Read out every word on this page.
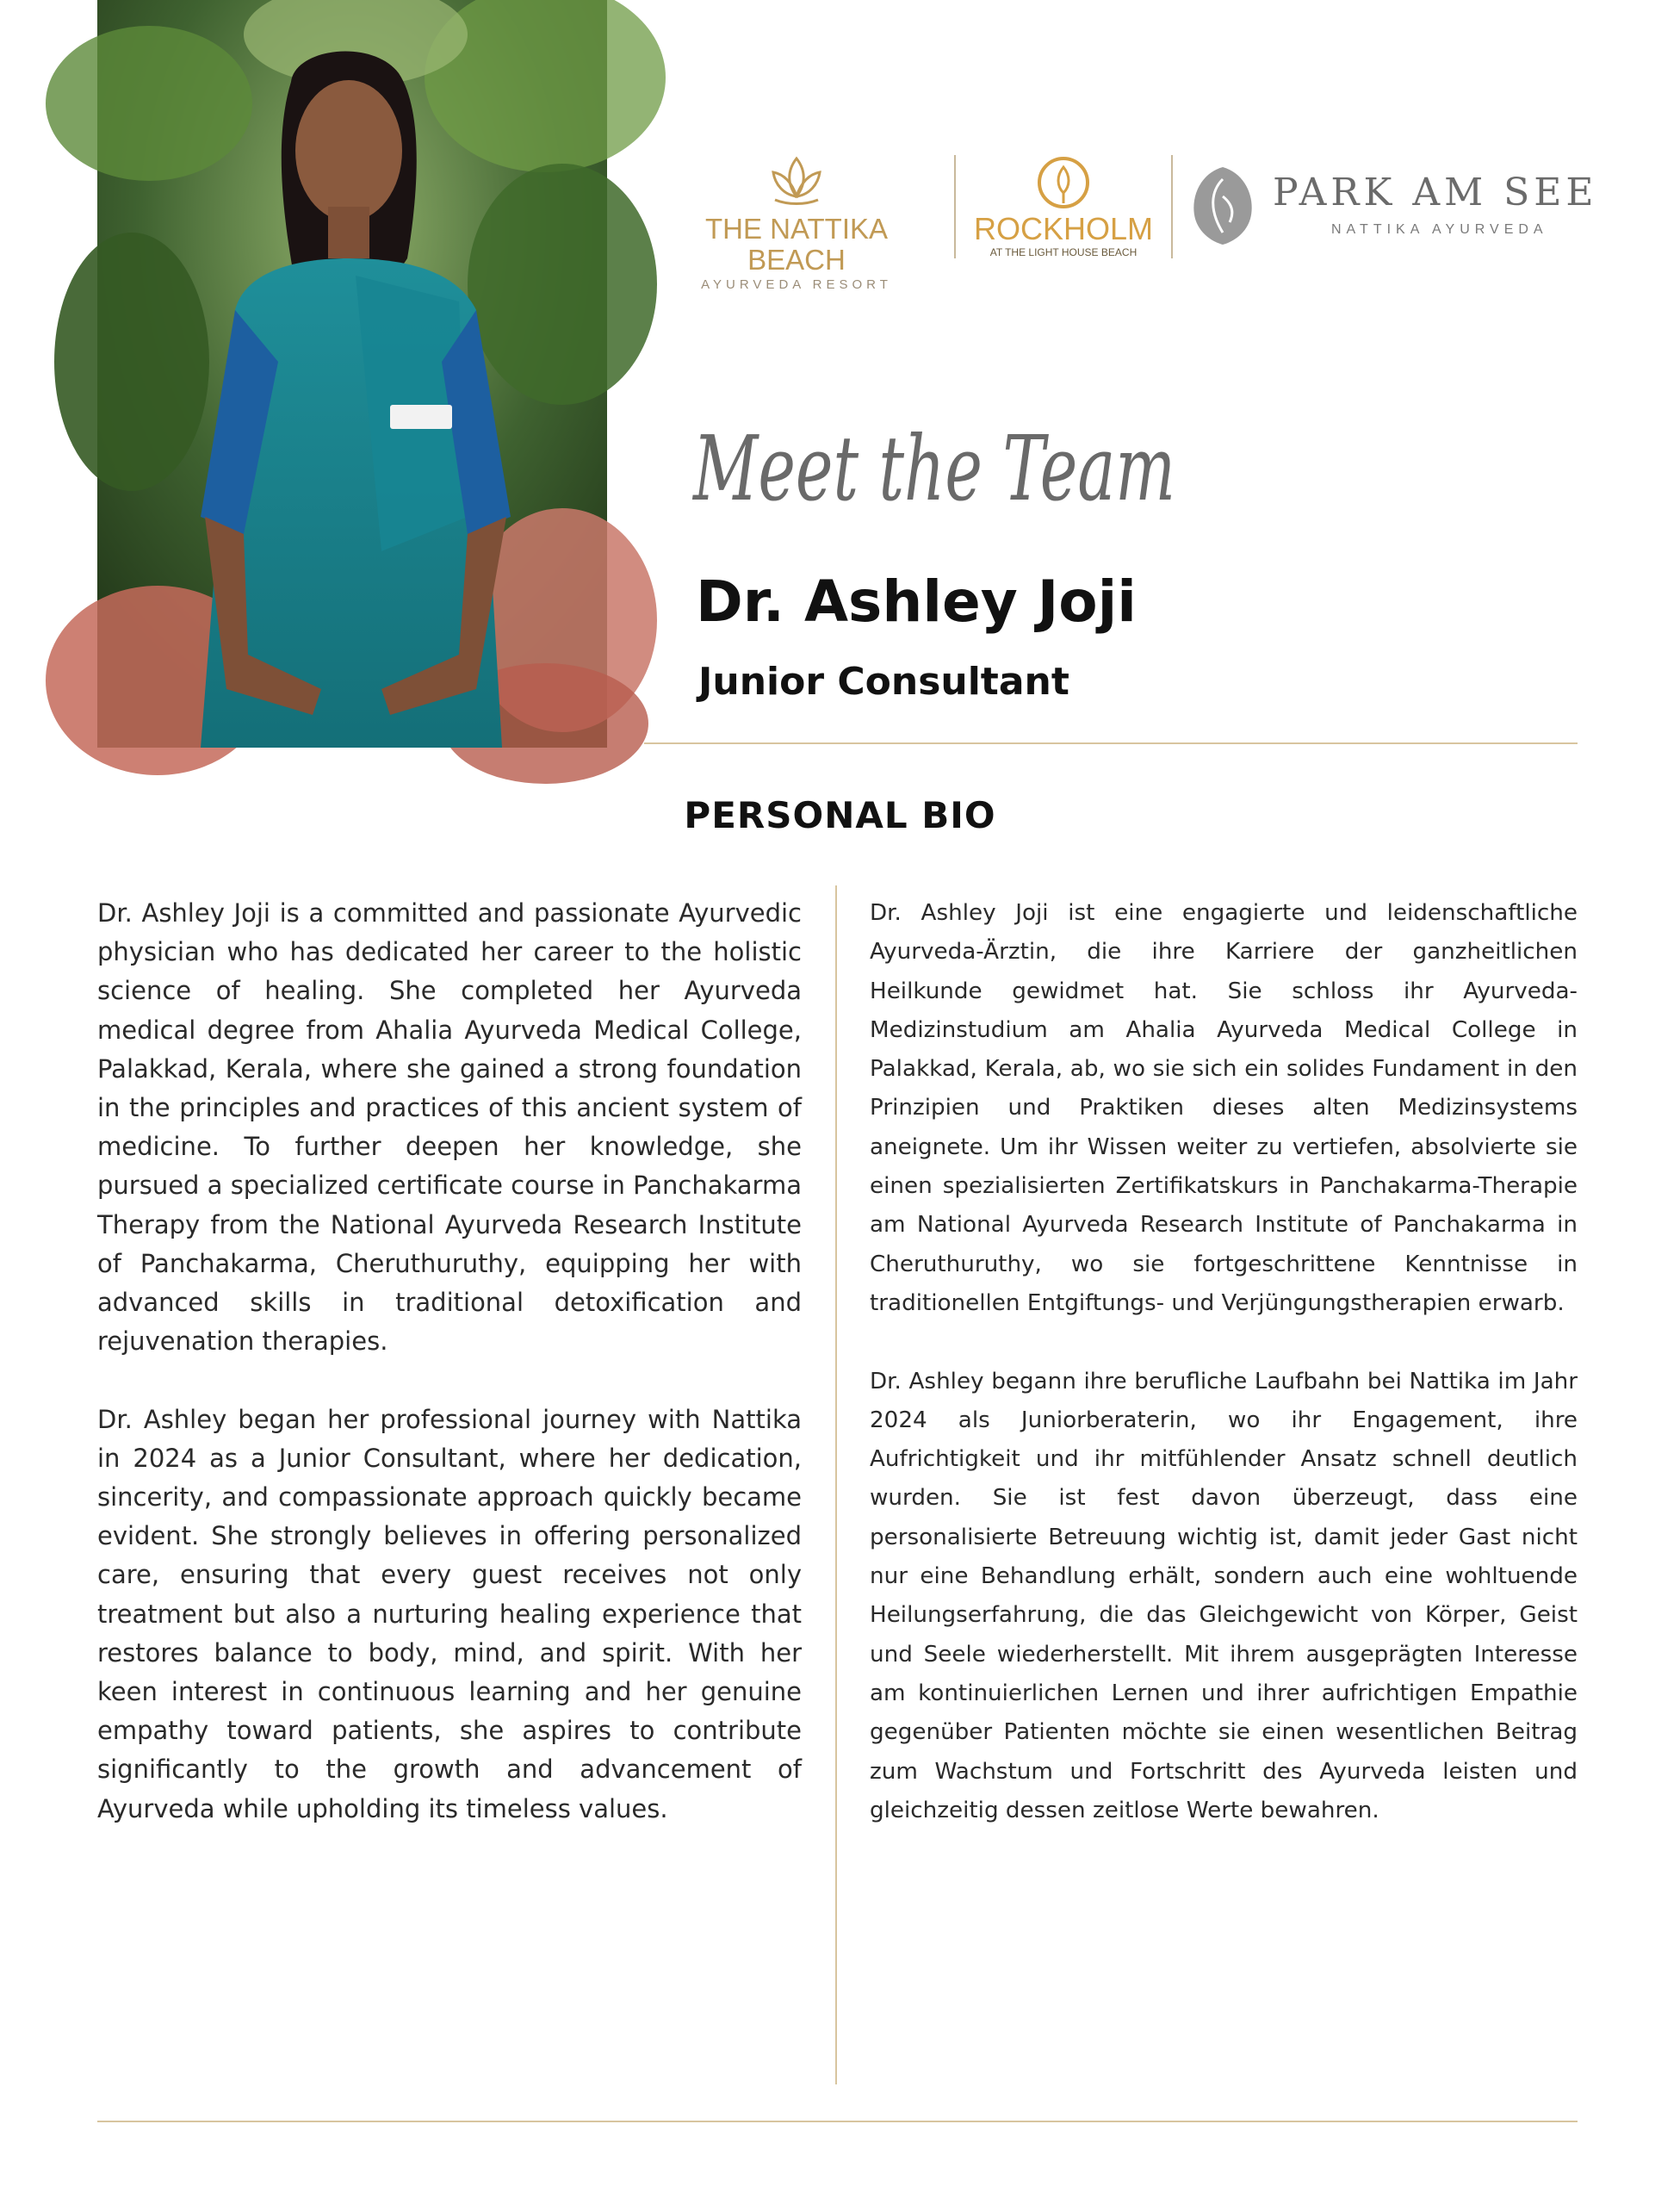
THE NATTIKA BEACH
AYURVEDA RESORT
ROCKHOLM
AT THE LIGHT HOUSE BEACH
PARK AM SEE
NATTIKA AYURVEDA
Meet the Team
Dr. Ashley Joji
Junior Consultant
PERSONAL BIO

Dr. Ashley Joji is a committed and passionate Ayurvedic physician who has dedicated her career to the holistic science of healing. She completed her Ayurveda medical degree from Ahalia Ayurveda Medical College, Palakkad, Kerala, where she gained a strong foundation in the principles and practices of this ancient system of medicine. To further deepen her knowledge, she pursued a specialized certificate course in Panchakarma Therapy from the National Ayurveda Research Institute of Panchakarma, Cheruthuruthy, equipping her with advanced skills in traditional detoxification and rejuvenation therapies.

Dr. Ashley began her professional journey with Nattika in 2024 as a Junior Consultant, where her dedication, sincerity, and compassionate approach quickly became evident. She strongly believes in offering personalized care, ensuring that every guest receives not only treatment but also a nurturing healing experience that restores balance to body, mind, and spirit. With her keen interest in continuous learning and her genuine empathy toward patients, she aspires to contribute significantly to the growth and advancement of Ayurveda while upholding its timeless values.

Dr. Ashley Joji ist eine engagierte und leidenschaftliche Ayurveda-Ärztin, die ihre Karriere der ganzheitlichen Heilkunde gewidmet hat. Sie schloss ihr Ayurveda-Medizinstudium am Ahalia Ayurveda Medical College in Palakkad, Kerala, ab, wo sie sich ein solides Fundament in den Prinzipien und Praktiken dieses alten Medizinsystems aneignete. Um ihr Wissen weiter zu vertiefen, absolvierte sie einen spezialisierten Zertifikatskurs in Panchakarma-Therapie am National Ayurveda Research Institute of Panchakarma in Cheruthuruthy, wo sie fortgeschrittene Kenntnisse in traditionellen Entgiftungs- und Verjüngungstherapien erwarb.

Dr. Ashley begann ihre berufliche Laufbahn bei Nattika im Jahr 2024 als Juniorberaterin, wo ihr Engagement, ihre Aufrichtigkeit und ihr mitfühlender Ansatz schnell deutlich wurden. Sie ist fest davon überzeugt, dass eine personalisierte Betreuung wichtig ist, damit jeder Gast nicht nur eine Behandlung erhält, sondern auch eine wohltuende Heilungserfahrung, die das Gleichgewicht von Körper, Geist und Seele wiederherstellt. Mit ihrem ausgeprägten Interesse am kontinuierlichen Lernen und ihrer aufrichtigen Empathie gegenüber Patienten möchte sie einen wesentlichen Beitrag zum Wachstum und Fortschritt des Ayurveda leisten und gleichzeitig dessen zeitlose Werte bewahren.
